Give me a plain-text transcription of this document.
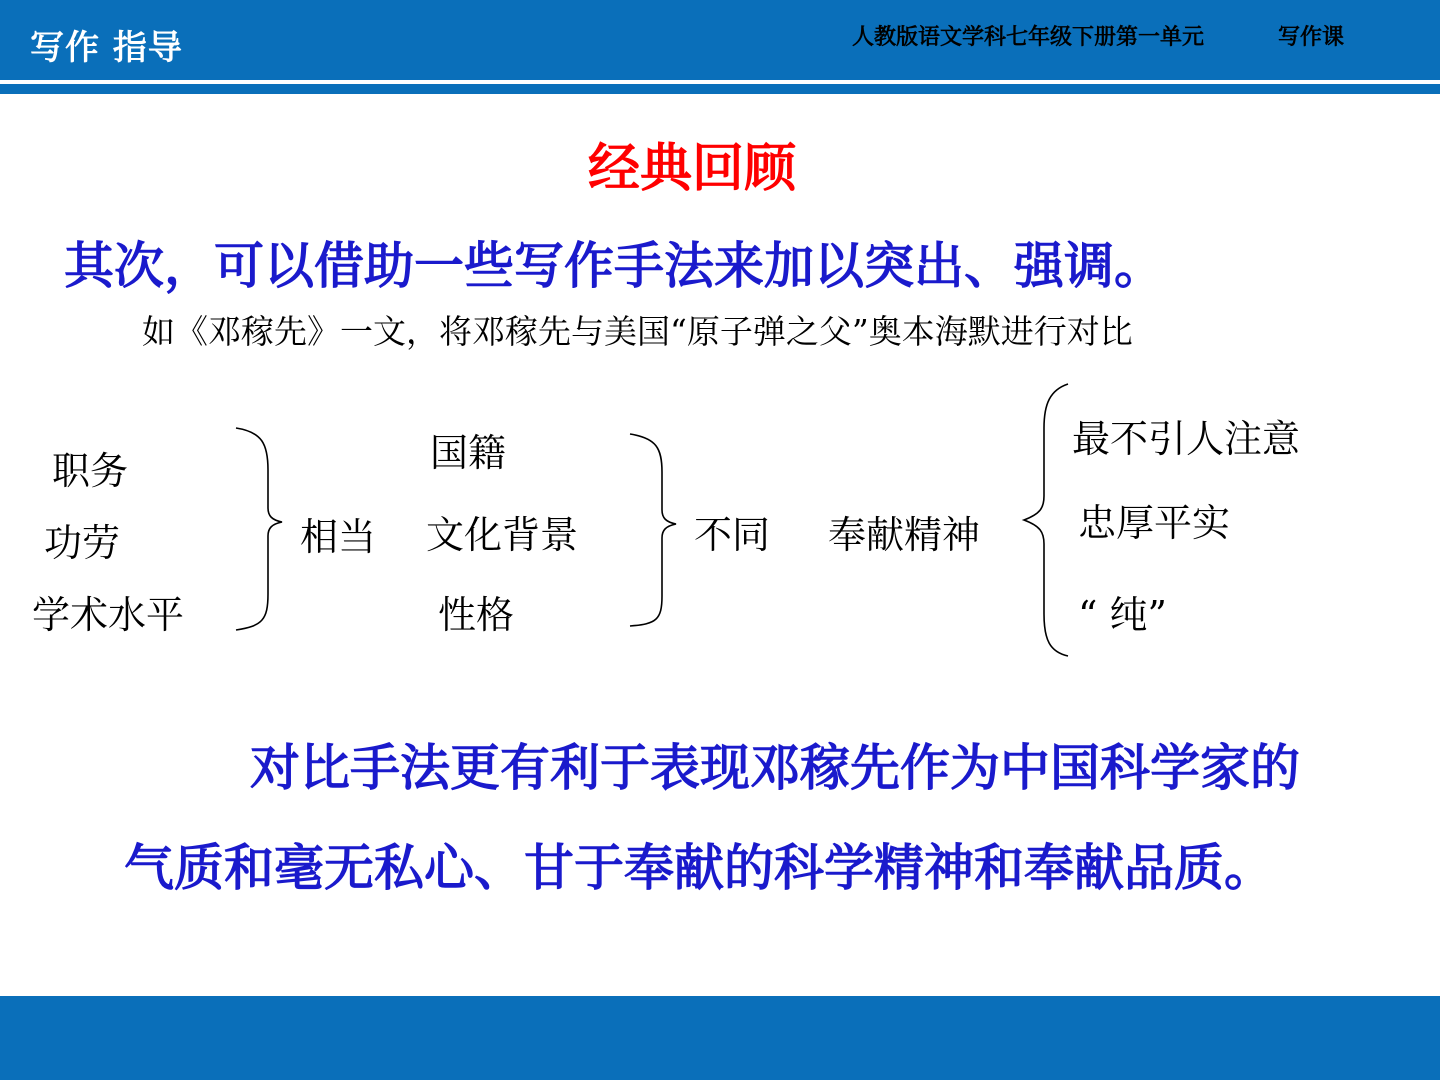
写作 指导	人教版语文学科七年级下册第一单元	写作课
经典回顾
其次，可以借助一些写作手法来加以突出、强调。
如《邓稼先》一文，将邓稼先与美国“原子弹之父”奥本海默进行对比
职务
功劳
学术水平
相当
国籍
文化背景
性格
不同 奉献精神
最不引人注意
忠厚平实
“ 纯”

对比手法更有利于表现邓稼先作为中国科学家的气质和毫无私心、甘于奉献的科学精神和奉献品质。
